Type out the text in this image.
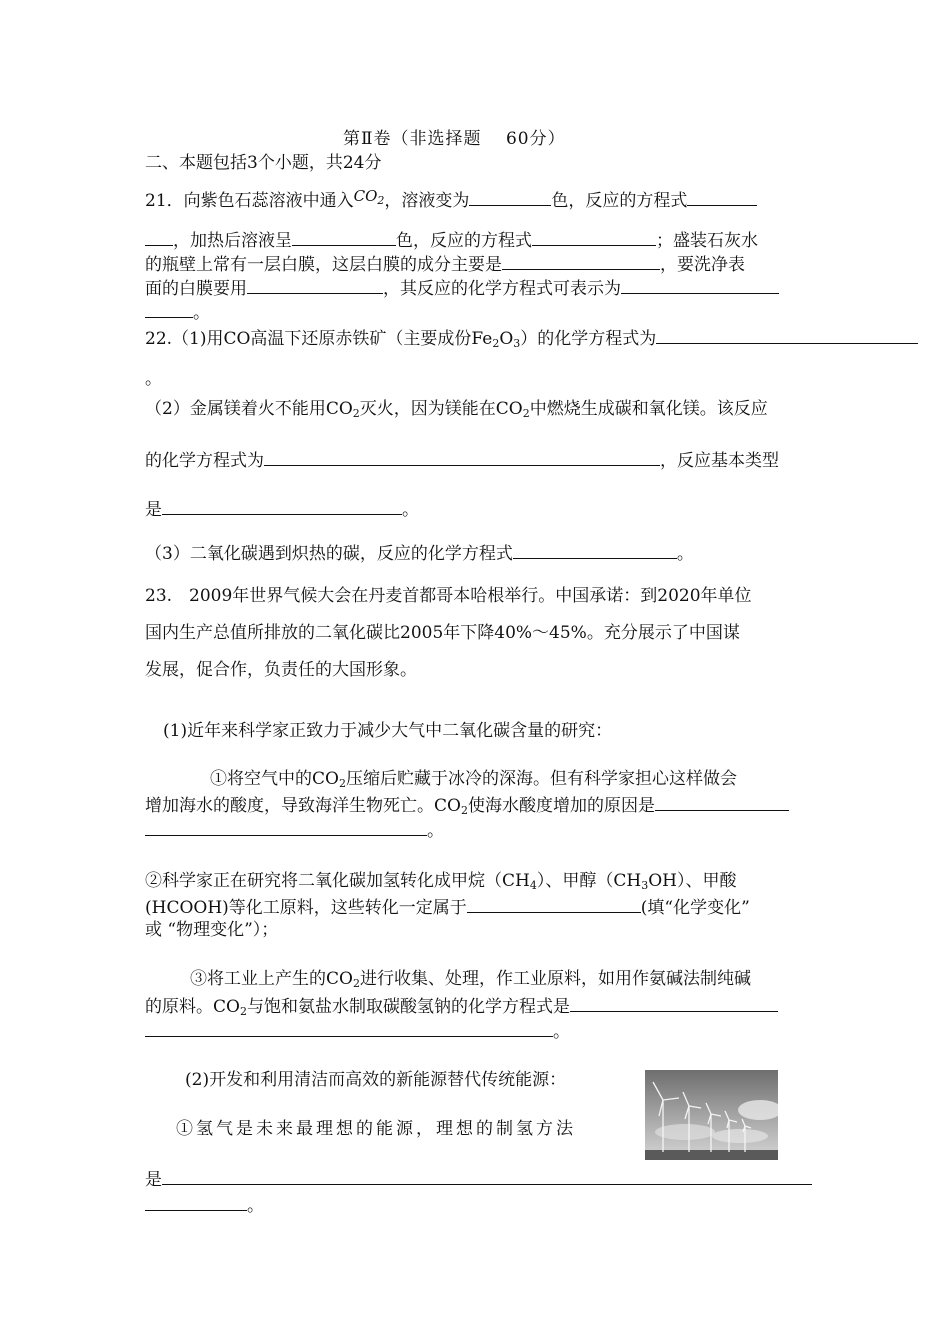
第Ⅱ卷（非选择题　 60分）
二、本题包括3个小题，共24分
21．向紫色石蕊溶液中通入$CO_2$，溶液变为	色，反应的方程式
，加热后溶液呈	色，反应的方程式	；盛装石灰水
的瓶壁上常有一层白膜，这层白膜的成分主要是	，要洗净表
面的白膜要用	，其反应的化学方程式可表示为
。
22.（1)用CO高温下还原赤铁矿（主要成份$Fe_2O_3$）的化学方程式为
。
（2）金属镁着火不能用$CO_2$灭火，因为镁能在$CO_2$中燃烧生成碳和氧化镁。该反应
的化学方程式为	，反应基本类型
是	。
（3）二氧化碳遇到炽热的碳，反应的化学方程式	。
23.　2009年世界气候大会在丹麦首都哥本哈根举行。中国承诺：到2020年单位
国内生产总值所排放的二氧化碳比2005年下降40%～45%。充分展示了中国谋
发展，促合作，负责任的大国形象。
(1)近年来科学家正致力于减少大气中二氧化碳含量的研究：
①将空气中的$CO_2$压缩后贮藏于冰冷的深海。但有科学家担心这样做会
增加海水的酸度，导致海洋生物死亡。$CO_2$使海水酸度增加的原因是
。
②科学家正在研究将二氧化碳加氢转化成甲烷$(CH_4)$、甲醇$(CH_3OH)$、甲酸
(HCOOH)等化工原料，这些转化一定属于	(填“化学变化”
或 “物理变化”）；
③将工业上产生的$CO_2$进行收集、处理，作工业原料，如用作氨碱法制纯碱
的原料。$CO_2$与饱和氨盐水制取碳酸氢钠的化学方程式是
。
(2)开发和利用清洁而高效的新能源替代传统能源：
①氢气是未来最理想的能源，理想的制氢方法
是
。
